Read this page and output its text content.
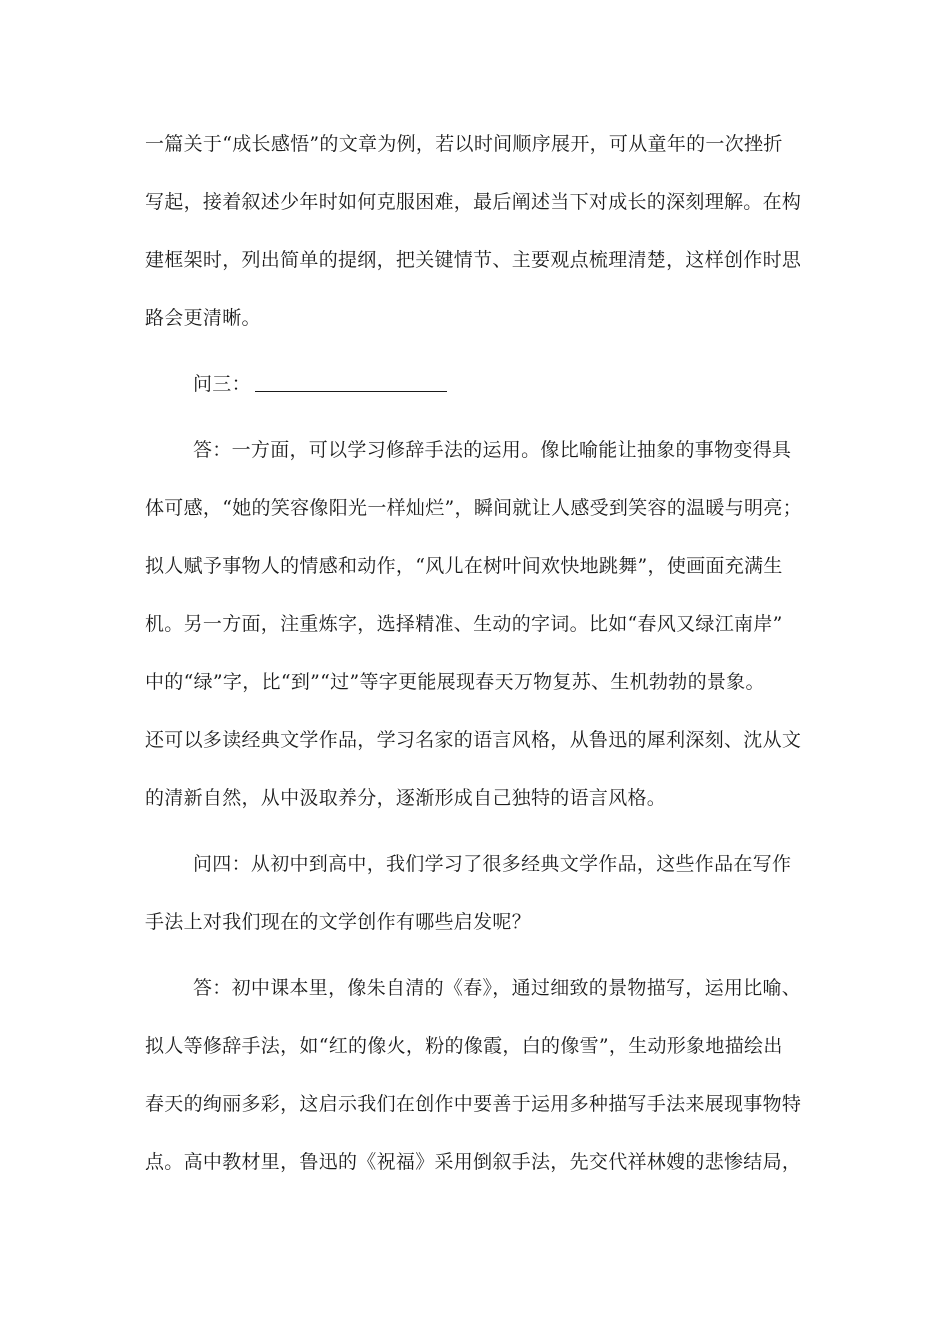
一篇关于“成长感悟”的文章为例，若以时间顺序展开，可从童年的一次挫折
写起，接着叙述少年时如何克服困难，最后阐述当下对成长的深刻理解。在构
建框架时，列出简单的提纲，把关键情节、主要观点梳理清楚，这样创作时思
路会更清晰。
问三：
答：一方面，可以学习修辞手法的运用。像比喻能让抽象的事物变得具
体可感，“她的笑容像阳光一样灿烂”，瞬间就让人感受到笑容的温暖与明亮；
拟人赋予事物人的情感和动作，“风儿在树叶间欢快地跳舞”，使画面充满生
机。另一方面，注重炼字，选择精准、生动的字词。比如“春风又绿江南岸”
中的“绿”字，比“到”“过”等字更能展现春天万物复苏、生机勃勃的景象。
还可以多读经典文学作品，学习名家的语言风格，从鲁迅的犀利深刻、沈从文
的清新自然，从中汲取养分，逐渐形成自己独特的语言风格。
问四：从初中到高中，我们学习了很多经典文学作品，这些作品在写作
手法上对我们现在的文学创作有哪些启发呢？
答：初中课本里，像朱自清的《春》，通过细致的景物描写，运用比喻、
拟人等修辞手法，如“红的像火，粉的像霞，白的像雪”，生动形象地描绘出
春天的绚丽多彩，这启示我们在创作中要善于运用多种描写手法来展现事物特
点。高中教材里，鲁迅的《祝福》采用倒叙手法，先交代祥林嫂的悲惨结局，
